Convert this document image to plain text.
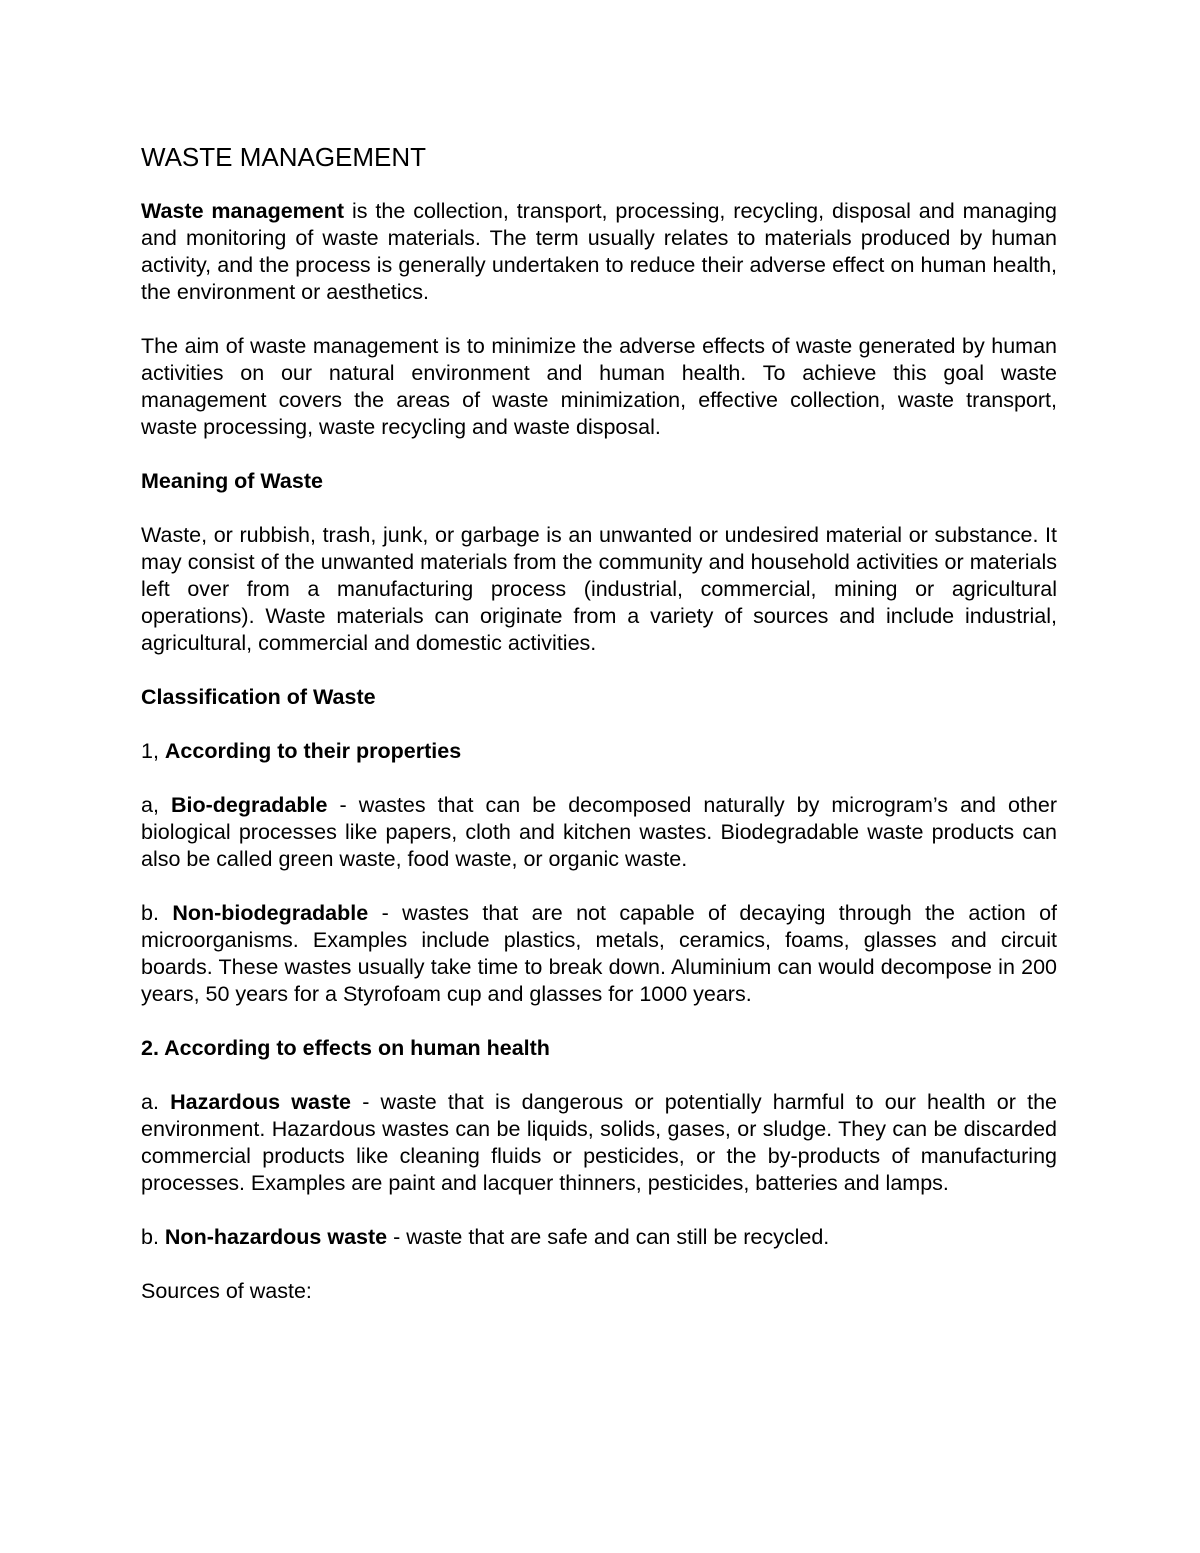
WASTE MANAGEMENT

Waste management is the collection, transport, processing, recycling, disposal and managing and monitoring of waste materials. The term usually relates to materials produced by human activity, and the process is generally undertaken to reduce their adverse effect on human health, the environment or aesthetics.

The aim of waste management is to minimize the adverse effects of waste generated by human activities on our natural environment and human health. To achieve this goal waste management covers the areas of waste minimization, effective collection, waste transport, waste processing, waste recycling and waste disposal.

Meaning of Waste

Waste, or rubbish, trash, junk, or garbage is an unwanted or undesired material or substance. It may consist of the unwanted materials from the community and household activities or materials left over from a manufacturing process (industrial, commercial, mining or agricultural operations). Waste materials can originate from a variety of sources and include industrial, agricultural, commercial and domestic activities.

Classification of Waste

1, According to their properties

a, Bio-degradable - wastes that can be decomposed naturally by microgram’s and other biological processes like papers, cloth and kitchen wastes. Biodegradable waste products can also be called green waste, food waste, or organic waste.

b. Non-biodegradable - wastes that are not capable of decaying through the action of microorganisms. Examples include plastics, metals, ceramics, foams, glasses and circuit boards. These wastes usually take time to break down. Aluminium can would decompose in 200 years, 50 years for a Styrofoam cup and glasses for 1000 years.

2. According to effects on human health

a. Hazardous waste - waste that is dangerous or potentially harmful to our health or the environment. Hazardous wastes can be liquids, solids, gases, or sludge. They can be discarded commercial products like cleaning fluids or pesticides, or the by-products of manufacturing processes. Examples are paint and lacquer thinners, pesticides, batteries and lamps.

b. Non-hazardous waste - waste that are safe and can still be recycled.

Sources of waste:
